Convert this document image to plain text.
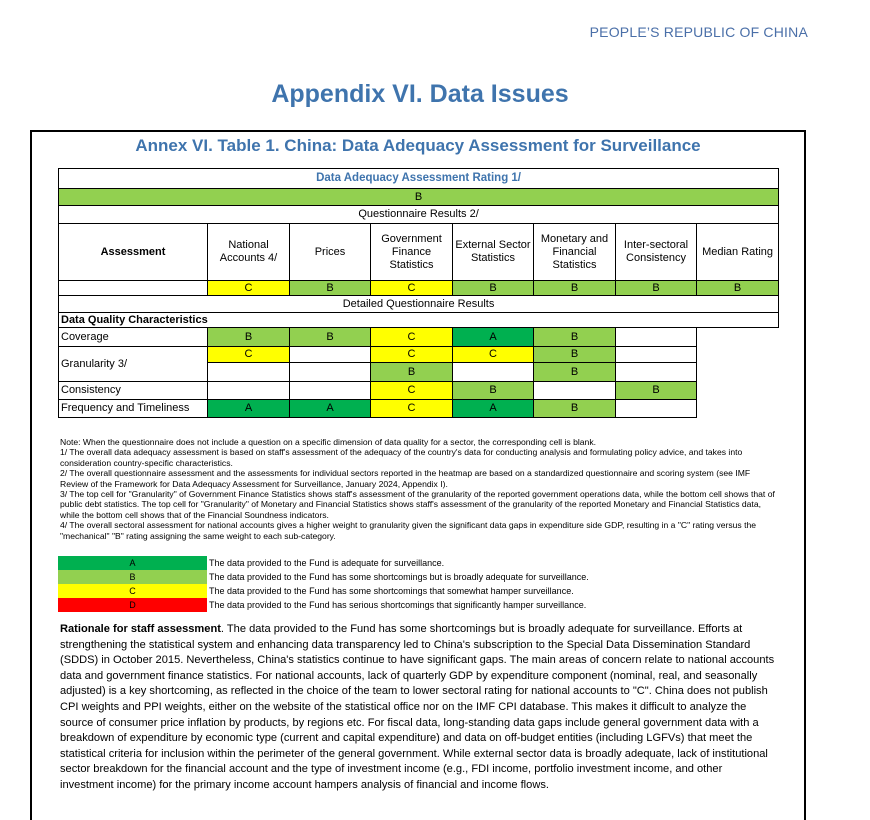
PEOPLE’S REPUBLIC OF CHINA
Appendix VI. Data Issues
Annex VI. Table 1. China: Data Adequacy Assessment for Surveillance
Data Adequacy Assessment Rating 1/							
B							
Questionnaire Results 2/							
Assessment	National Accounts 4/	Prices	Government Finance Statistics	External Sector Statistics	Monetary and Financial Statistics	Inter-sectoral Consistency	Median Rating
	C	B	C	B	B	B	B
Detailed Questionnaire Results							
Data Quality Characteristics							
Coverage	B	B	C	A	B		
Granularity 3/	C		C	C	B		
			B		B		
Consistency			C	B		B	
Frequency and Timeliness	A	A	C	A	B		

Note: When the questionnaire does not include a question on a specific dimension of data quality for a sector, the corresponding cell is blank.

1/ The overall data adequacy assessment is based on staff's assessment of the adequacy of the country's data for conducting analysis and formulating policy advice, and takes into consideration country-specific characteristics.

2/ The overall questionnaire assessment and the assessments for individual sectors reported in the heatmap are based on a standardized questionnaire and scoring system (see IMF Review of the Framework for Data Adequacy Assessment for Surveillance, January 2024, Appendix I).

3/ The top cell for "Granularity" of Government Finance Statistics shows staff's assessment of the granularity of the reported government operations data, while the bottom cell shows that of public debt statistics. The top cell for "Granularity" of Monetary and Financial Statistics shows staff's assessment of the granularity of the reported Monetary and Financial Statistics data, while the bottom cell shows that of the Financial Soundness indicators.

4/ The overall sectoral assessment for national accounts gives a higher weight to granularity given the significant data gaps in expenditure side GDP, resulting in a "C" rating versus the "mechanical" "B" rating assigning the same weight to each sub-category.

A	The data provided to the Fund is adequate for surveillance.
B	The data provided to the Fund has some shortcomings but is broadly adequate for surveillance.
C	The data provided to the Fund has some shortcomings that somewhat hamper surveillance.
D	The data provided to the Fund has serious shortcomings that significantly hamper surveillance.
Rationale for staff assessment. The data provided to the Fund has some shortcomings but is broadly adequate for surveillance. Efforts at strengthening the statistical system and enhancing data transparency led to China's subscription to the Special Data Dissemination Standard (SDDS) in October 2015. Nevertheless, China's statistics continue to have significant gaps. The main areas of concern relate to national accounts data and government finance statistics. For national accounts, lack of quarterly GDP by expenditure component (nominal, real, and seasonally adjusted) is a key shortcoming, as reflected in the choice of the team to lower sectoral rating for national accounts to "C". China does not publish CPI weights and PPI weights, either on the website of the statistical office nor on the IMF CPI database. This makes it difficult to analyze the source of consumer price inflation by products, by regions etc. For fiscal data, long-standing data gaps include general government data with a breakdown of expenditure by economic type (current and capital expenditure) and data on off-budget entities (including LGFVs) that meet the statistical criteria for inclusion within the perimeter of the general government. While external sector data is broadly adequate, lack of institutional sector breakdown for the financial account and the type of investment income (e.g., FDI income, portfolio investment income, and other investment income) for the primary income account hampers analysis of financial and income flows.
